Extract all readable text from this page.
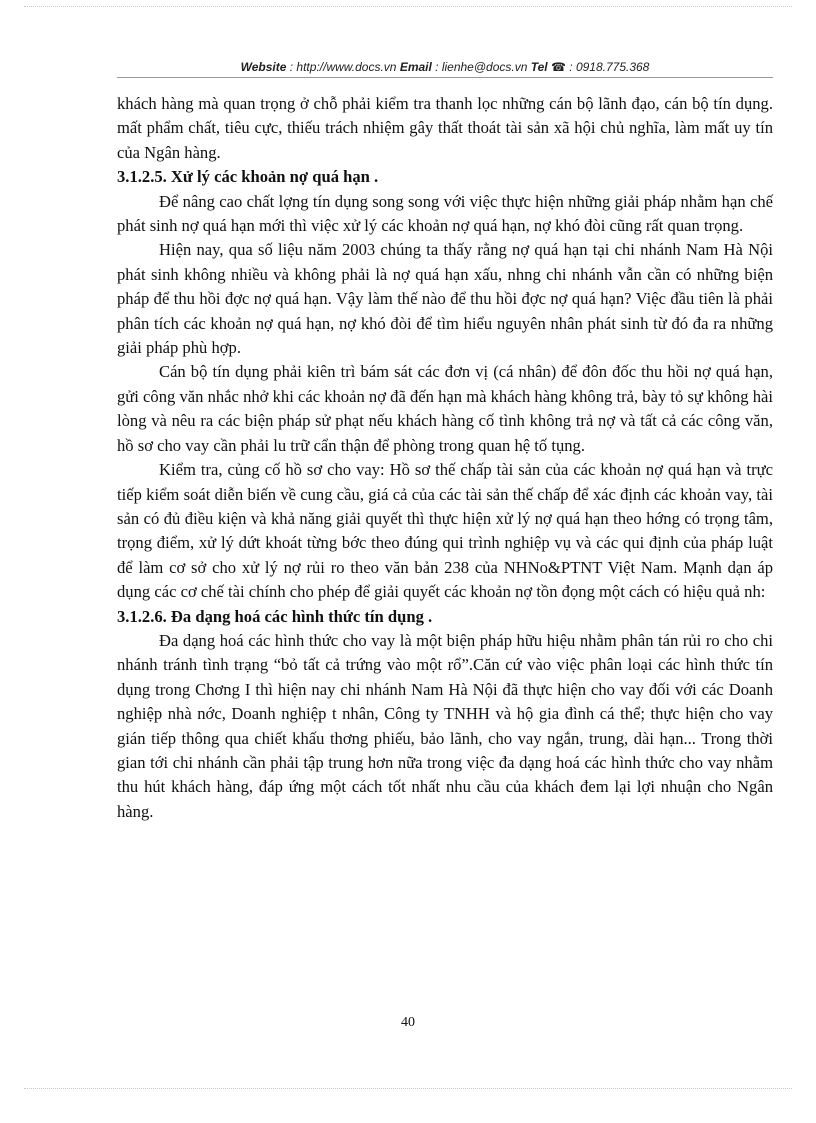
Website : http://www.docs.vn Email : lienhe@docs.vn Tel ☎ : 0918.775.368

khách hàng mà quan trọng ở chỗ phải kiểm tra thanh lọc những cán bộ lãnh đạo, cán bộ tín dụng. mất phẩm chất, tiêu cực, thiếu trách nhiệm gây thất thoát tài sản xã hội chủ nghĩa, làm mất uy tín của Ngân hàng.

3.1.2.5. Xử lý các khoản nợ quá hạn .

Để nâng cao chất lợng tín dụng song song với việc thực hiện những giải pháp nhằm hạn chế phát sinh nợ quá hạn mới thì việc xử lý các khoản nợ quá hạn, nợ khó đòi cũng rất quan trọng.

Hiện nay, qua số liệu năm 2003 chúng ta thấy rằng nợ quá hạn tại chi nhánh Nam Hà Nội phát sinh không nhiều và không phải là nợ quá hạn xấu, nhng chi nhánh vẫn cần có những biện pháp để thu hồi đợc nợ quá hạn. Vậy làm thế nào để thu hồi đợc nợ quá hạn? Việc đầu tiên là phải phân tích các khoản nợ quá hạn, nợ khó đòi để tìm hiểu nguyên nhân phát sinh từ đó đa ra những giải pháp phù hợp.

Cán bộ tín dụng phải kiên trì bám sát các đơn vị (cá nhân) để đôn đốc thu hồi nợ quá hạn, gửi công văn nhắc nhở khi các khoản nợ đã đến hạn mà khách hàng không trả, bày tỏ sự không hài lòng và nêu ra các biện pháp sử phạt nếu khách hàng cố tình không trả nợ và tất cả các công văn, hồ sơ cho vay cần phải lu trữ cẩn thận để phòng trong quan hệ tố tụng.

Kiểm tra, củng cố hồ sơ cho vay: Hồ sơ thế chấp tài sản của các khoản nợ quá hạn và trực tiếp kiểm soát diễn biến về cung cầu, giá cả của các tài sản thế chấp để xác định các khoản vay, tài sản có đủ điều kiện và khả năng giải quyết thì thực hiện xử lý nợ quá hạn theo hớng có trọng tâm, trọng điểm, xử lý dứt khoát từng bớc theo đúng qui trình nghiệp vụ và các qui định của pháp luật để làm cơ sở cho xử lý nợ rủi ro theo văn bản 238 của NHNo&PTNT Việt Nam. Mạnh dạn áp dụng các cơ chế tài chính cho phép để giải quyết các khoản nợ tồn đọng một cách có hiệu quả nh:

3.1.2.6. Đa dạng hoá các hình thức tín dụng .

Đa dạng hoá các hình thức cho vay là một biện pháp hữu hiệu nhằm phân tán rủi ro cho chi nhánh tránh tình trạng “bỏ tất cả trứng vào một rổ”.Căn cứ vào việc phân loại các hình thức tín dụng trong Chơng I thì hiện nay chi nhánh Nam Hà Nội đã thực hiện cho vay đối với các Doanh nghiệp nhà nớc, Doanh nghiệp t nhân, Công ty TNHH và hộ gia đình cá thể; thực hiện cho vay gián tiếp thông qua chiết khấu thơng phiếu, bảo lãnh, cho vay ngắn, trung, dài hạn... Trong thời gian tới chi nhánh cần phải tập trung hơn nữa trong việc đa dạng hoá các hình thức cho vay nhằm thu hút khách hàng, đáp ứng một cách tốt nhất nhu cầu của khách đem lại lợi nhuận cho Ngân hàng.

40
